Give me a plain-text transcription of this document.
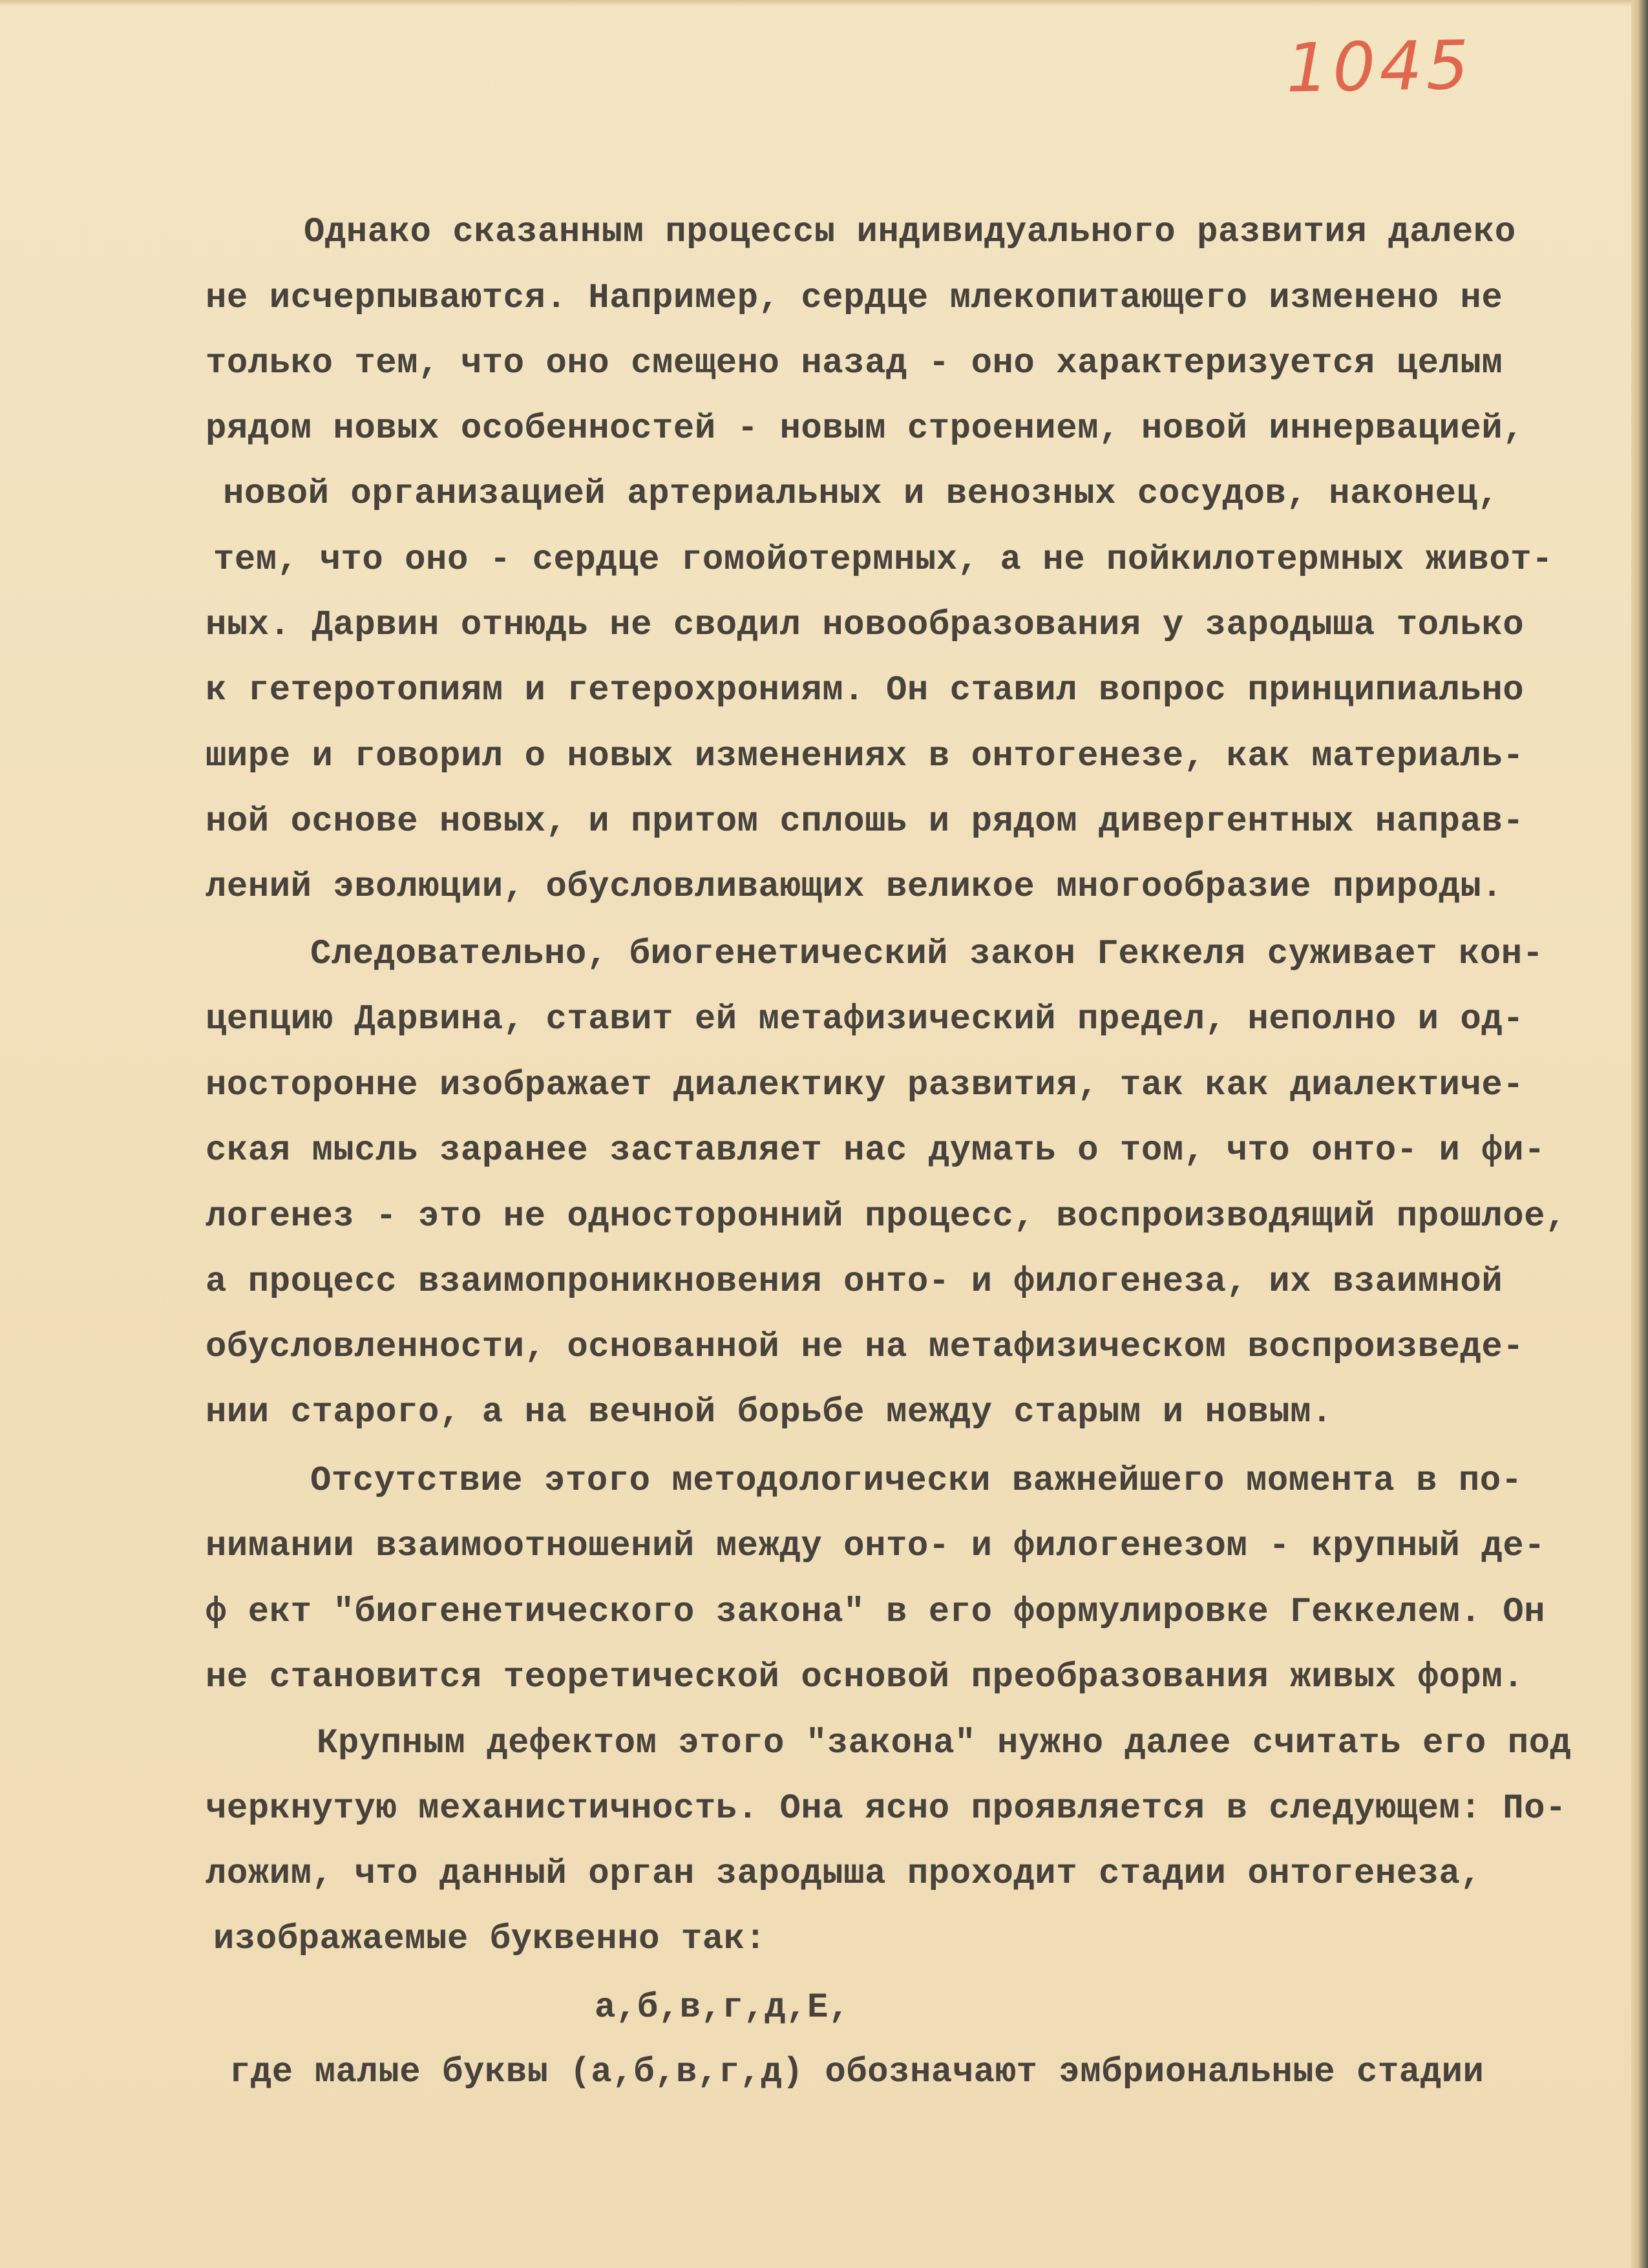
1045
Однако сказанным процессы индивидуального развития далеко
не исчерпываются. Например, сердце млекопитающего изменено не
только тем, что оно смещено назад - оно характеризуется целым
рядом новых особенностей - новым строением, новой иннервацией,
новой организацией артериальных и венозных сосудов, наконец,
тем, что оно - сердце гомойотермных, а не пойкилотермных живот-
ных. Дарвин отнюдь не сводил новообразования у зародыша только
к гетеротопиям и гетерохрониям. Он ставил вопрос принципиально
шире и говорил о новых изменениях в онтогенезе, как материаль-
ной основе новых, и притом сплошь и рядом дивергентных направ-
лений эволюции, обусловливающих великое многообразие природы.
Следовательно, биогенетический закон Геккеля суживает кон-
цепцию Дарвина, ставит ей метафизический предел, неполно и од-
носторонне изображает диалектику развития, так как диалектиче-
ская мысль заранее заставляет нас думать о том, что онто- и фи-
логенез - это не односторонний процесс, воспроизводящий прошлое,
а процесс взаимопроникновения онто- и филогенеза, их взаимной
обусловленности, основанной не на метафизическом воспроизведе-
нии старого, а на вечной борьбе между старым и новым.
Отсутствие этого методологически важнейшего момента в по-
нимании взаимоотношений между онто- и филогенезом - крупный де-
ф ект "биогенетического закона" в его формулировке Геккелем. Он
не становится теоретической основой преобразования живых форм.
Крупным дефектом этого "закона" нужно далее считать его под
черкнутую механистичность. Она ясно проявляется в следующем: По-
ложим, что данный орган зародыша проходит стадии онтогенеза,
изображаемые буквенно так:
а,б,в,г,д,Е,
где малые буквы (а,б,в,г,д) обозначают эмбриональные стадии
